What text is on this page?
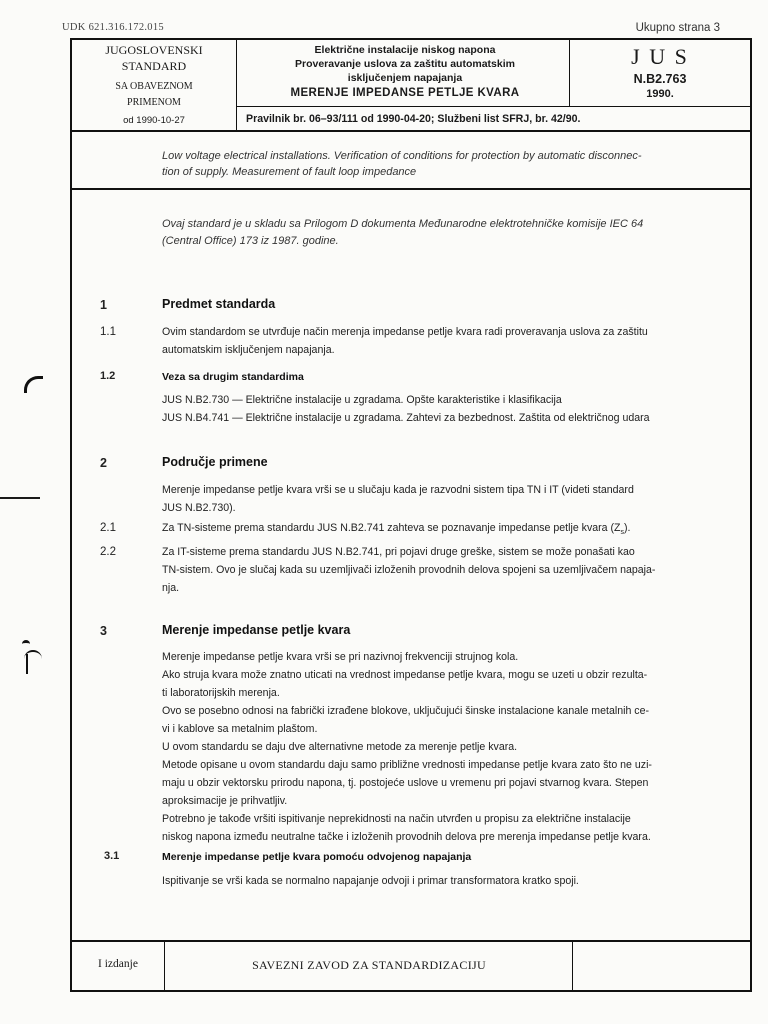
UDK 621.316.172.015	Ukupno strana 3
JUGOSLOVENSKI
STANDARD
SA OBAVEZNOM
PRIMENOM
od 1990-10-27
Električne instalacije niskog napona
Proveravanje uslova za zaštitu automatskim
isključenjem napajanja
MERENJE IMPEDANSE PETLJE KVARA
J U S
N.B2.763
1990.
Pravilnik br. 06–93/111 od 1990-04-20; Službeni list SFRJ, br. 42/90.
Low voltage electrical installations. Verification of conditions for protection by automatic disconnec-
tion of supply. Measurement of fault loop impedance
Ovaj standard je u skladu sa Prilogom D dokumenta Međunarodne elektrotehničke komisije IEC 64
(Central Office) 173 iz 1987. godine.
1	Predmet standarda
1.1	Ovim standardom se utvrđuje način merenja impedanse petlje kvara radi proveravanja uslova za zaštitu

automatskim isključenjem napajanja.

1.2	Veza sa drugim standardima

JUS N.B2.730 — Električne instalacije u zgradama. Opšte karakteristike i klasifikacija

JUS N.B4.741 — Električne instalacije u zgradama. Zahtevi za bezbednost. Zaštita od električnog udara

2	Područje primene

Merenje impedanse petlje kvara vrši se u slučaju kada je razvodni sistem tipa TN i IT (videti standard

JUS N.B2.730).

2.1	Za TN-sisteme prema standardu JUS N.B2.741 zahteva se poznavanje impedanse petlje kvara $(Z_s)$.

2.2	Za IT-sisteme prema standardu JUS N.B2.741, pri pojavi druge greške, sistem se može ponašati kao

TN-sistem. Ovo je slučaj kada su uzemljivači izloženih provodnih delova spojeni sa uzemljivačem napaja-

nja.

3	Merenje impedanse petlje kvara

Merenje impedanse petlje kvara vrši se pri nazivnoj frekvenciji strujnog kola.

Ako struja kvara može znatno uticati na vrednost impedanse petlje kvara, mogu se uzeti u obzir rezulta-

ti laboratorijskih merenja.

Ovo se posebno odnosi na fabrički izrađene blokove, uključujući šinske instalacione kanale metalnih ce-

vi i kablove sa metalnim plaštom.

U ovom standardu se daju dve alternativne metode za merenje petlje kvara.

Metode opisane u ovom standardu daju samo približne vrednosti impedanse petlje kvara zato što ne uzi-

maju u obzir vektorsku prirodu napona, tj. postojeće uslove u vremenu pri pojavi stvarnog kvara. Stepen

aproksimacije je prihvatljiv.

Potrebno je takođe vršiti ispitivanje neprekidnosti na način utvrđen u propisu za električne instalacije

niskog napona između neutralne tačke i izloženih provodnih delova pre merenja impedanse petlje kvara.

3.1	Merenje impedanse petlje kvara pomoću odvojenog napajanja

Ispitivanje se vrši kada se normalno napajanje odvoji i primar transformatora kratko spoji.

I izdanje	SAVEZNI ZAVOD ZA STANDARDIZACIJU
